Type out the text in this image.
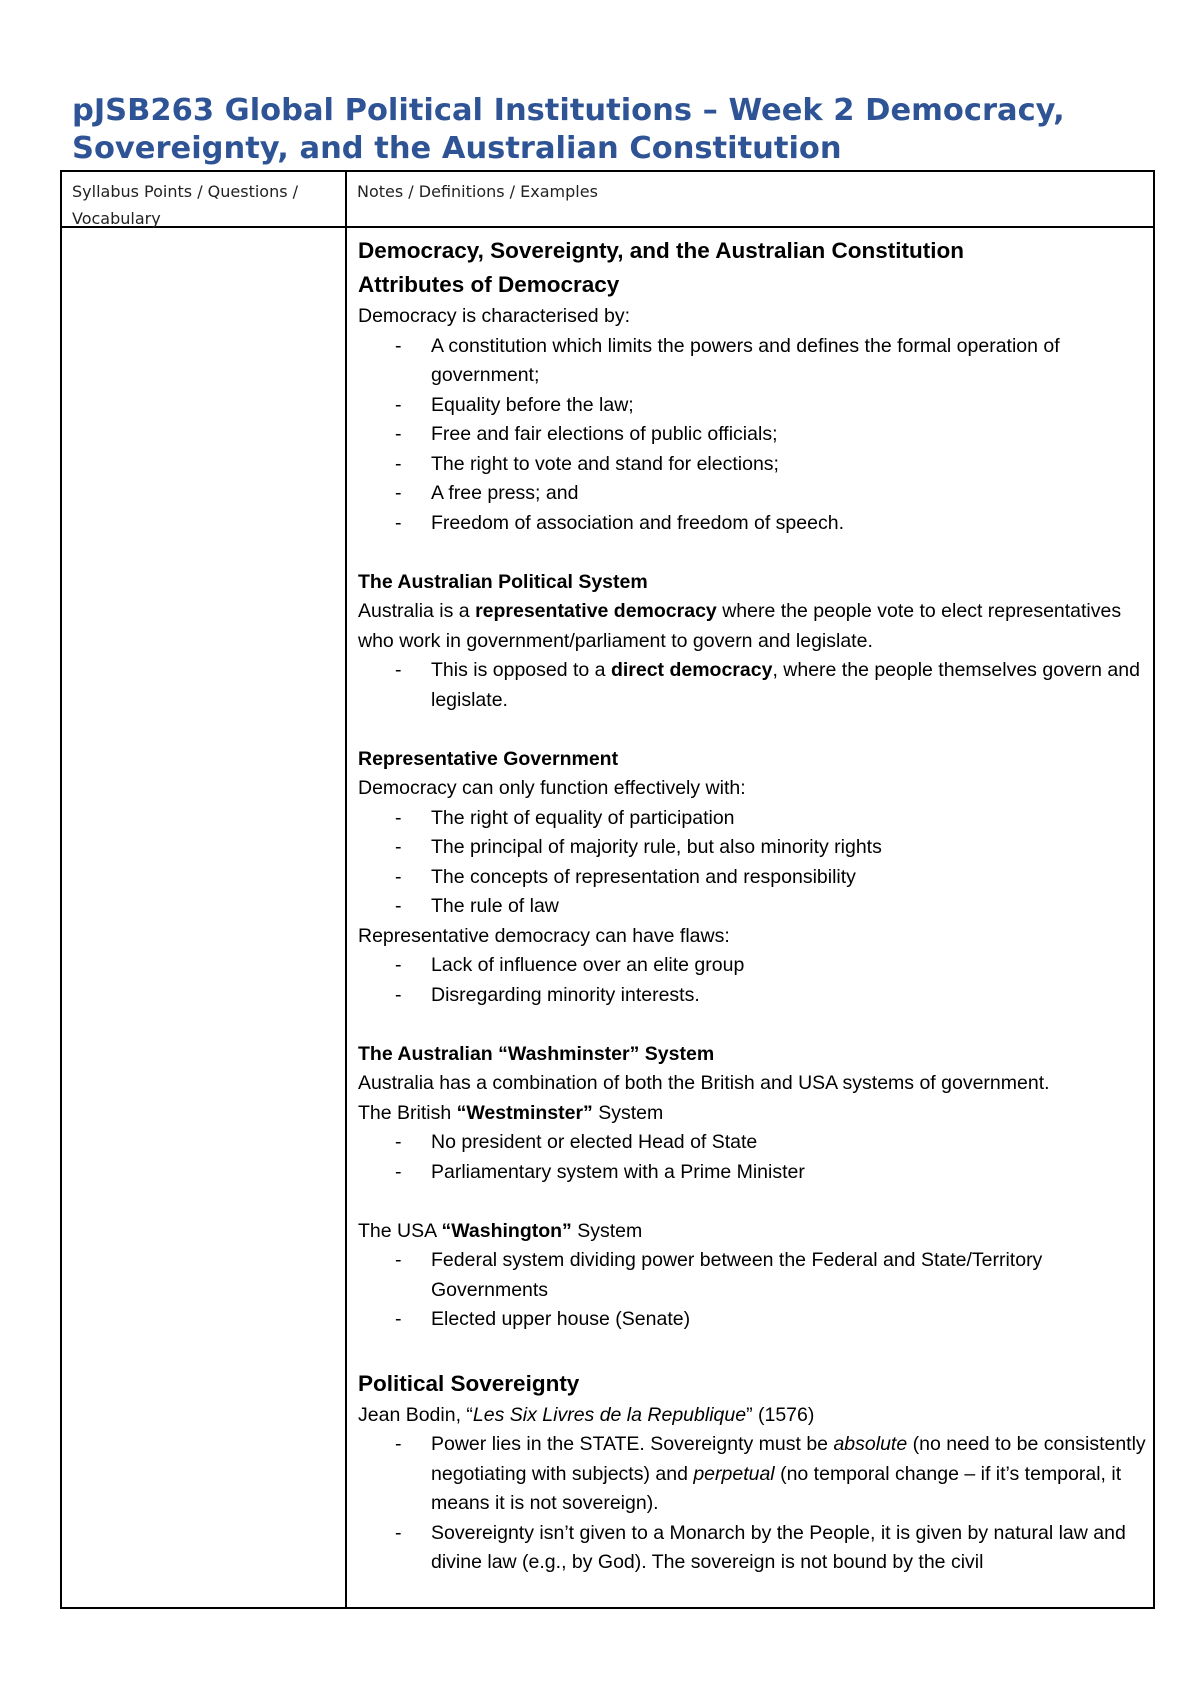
pJSB263 Global Political Institutions – Week 2 Democracy,
Sovereignty, and the Australian Constitution
Syllabus Points / Questions / Vocabulary
Notes / Definitions / Examples

Democracy, Sovereignty, and the Australian Constitution

Attributes of Democracy

Democracy is characterised by:

- A constitution which limits the powers and defines the formal operation of government;
- Equality before the law;
- Free and fair elections of public officials;
- The right to vote and stand for elections;
- A free press; and
- Freedom of association and freedom of speech.

The Australian Political System

Australia is a representative democracy where the people vote to elect representatives who work in government/parliament to govern and legislate.

- This is opposed to a direct democracy, where the people themselves govern and legislate.

Representative Government

Democracy can only function effectively with:

- The right of equality of participation
- The principal of majority rule, but also minority rights
- The concepts of representation and responsibility
- The rule of law

Representative democracy can have flaws:

- Lack of influence over an elite group
- Disregarding minority interests.

The Australian “Washminster” System

Australia has a combination of both the British and USA systems of government.

The British “Westminster” System

- No president or elected Head of State
- Parliamentary system with a Prime Minister

The USA “Washington” System

- Federal system dividing power between the Federal and State/Territory Governments
- Elected upper house (Senate)

Political Sovereignty

Jean Bodin, “Les Six Livres de la Republique” (1576)

- Power lies in the STATE. Sovereignty must be absolute (no need to be consistently negotiating with subjects) and perpetual (no temporal change – if it’s temporal, it means it is not sovereign).
- Sovereignty isn’t given to a Monarch by the People, it is given by natural law and divine law (e.g., by God). The sovereign is not bound by the civil
